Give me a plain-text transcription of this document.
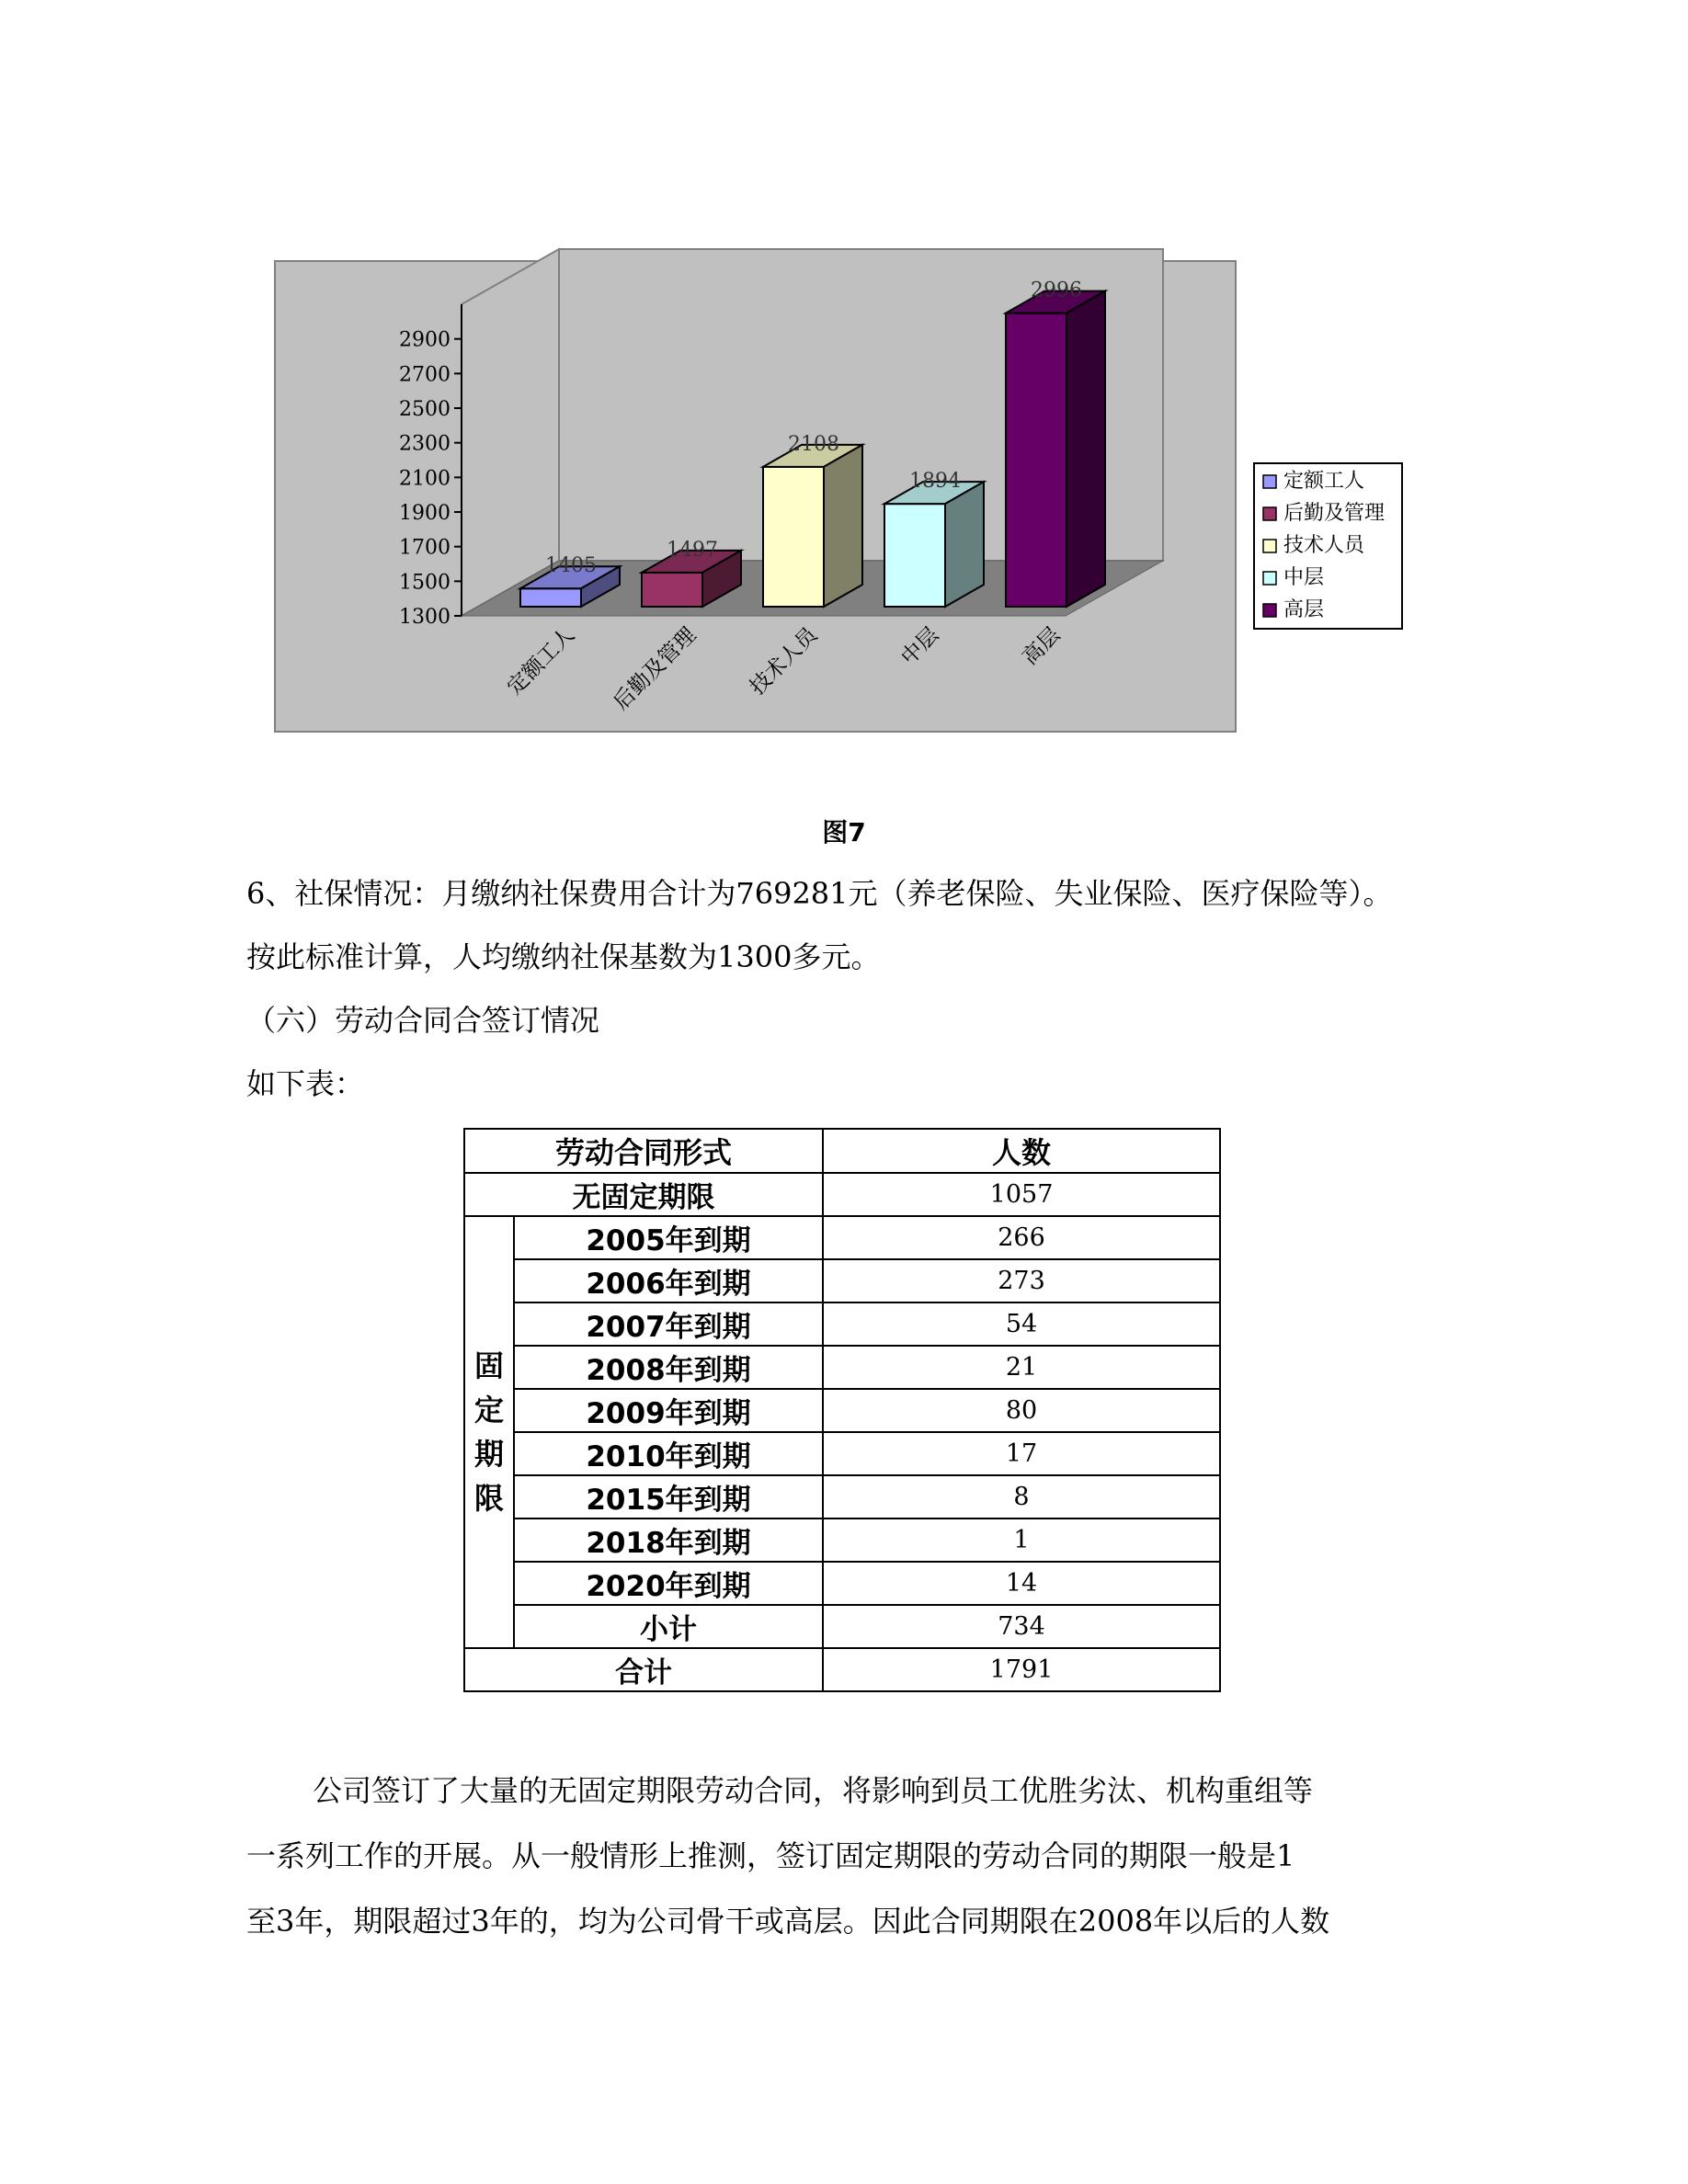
1300
1500
1700
1900
2100
2300
2500
2700
2900
定额工人 后勤及管理 技术人员	中层	高层
1405
1497
2108
1894
2996
定额工人
后勤及管理
技术人员
中层
高层
图7
6、社保情况：月缴纳社保费用合计为769281元（养老保险、失业保险、医疗保险等）。
按此标准计算，人均缴纳社保基数为1300多元。
（六）劳动合同合签订情况
如下表：
劳动合同形式		人数
无固定期限		1057

固
定
期
限	2005年到期	266
	2006年到期	273
	2007年到期	54
	2008年到期	21
	2009年到期	80
	2010年到期	17
	2015年到期	8
	2018年到期	1
	2020年到期	14
	小计	734
合计		1791
公司签订了大量的无固定期限劳动合同，将影响到员工优胜劣汰、机构重组等
一系列工作的开展。从一般情形上推测，签订固定期限的劳动合同的期限一般是1
至3年，期限超过3年的，均为公司骨干或高层。因此合同期限在2008年以后的人数
